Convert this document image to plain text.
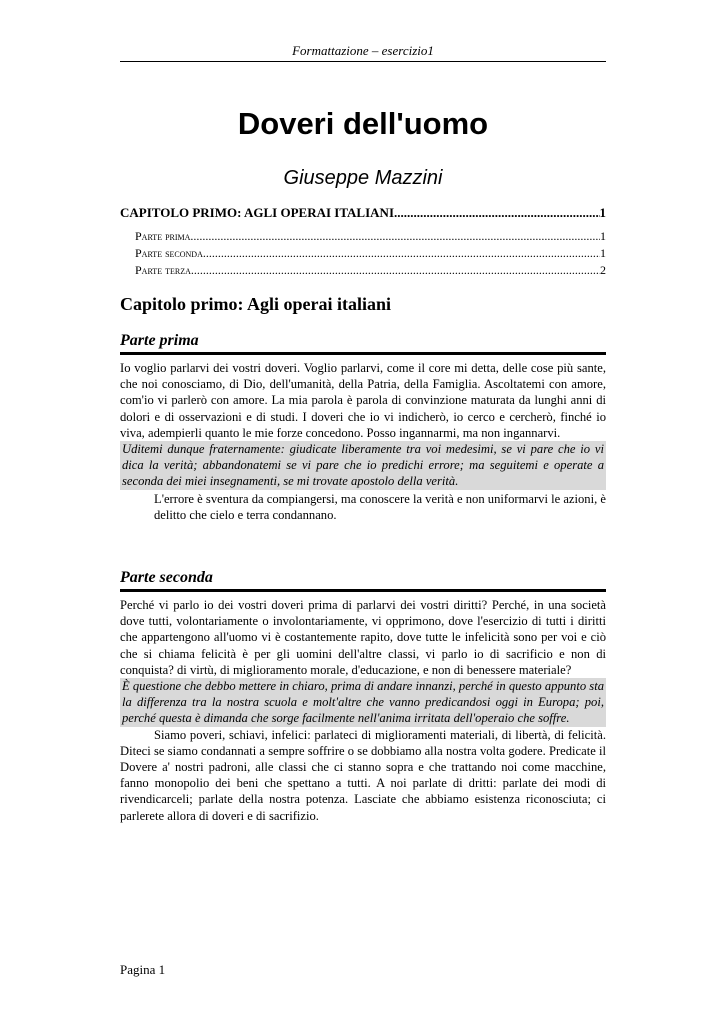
Formattazione – esercizio1
Doveri dell'uomo
Giuseppe Mazzini
CAPITOLO PRIMO: AGLI OPERAI ITALIANI .....	1
Parte prima .....	1
Parte seconda .....	1
Parte terza .....	2
Capitolo primo: Agli operai italiani
Parte prima

Io voglio parlarvi dei vostri doveri. Voglio parlarvi, come il core mi detta, delle cose più sante, che noi conosciamo, di Dio, dell'umanità, della Patria, della Famiglia. Ascoltatemi con amore, com'io vi parlerò con amore. La mia parola è parola di convinzione maturata da lunghi anni di dolori e di osservazioni e di studi. I doveri che io vi indicherò, io cerco e cercherò, finché io viva, adempierli quanto le mie forze concedono. Posso ingannarmi, ma non ingannarvi.

Uditemi dunque fraternamente: giudicate liberamente tra voi medesimi, se vi pare che io vi dica la verità; abbandonatemi se vi pare che io predichi errore; ma seguitemi e operate a seconda dei miei insegnamenti, se mi trovate apostolo della verità.

L'errore è sventura da compiangersi, ma conoscere la verità e non uniformarvi le azioni, è delitto che cielo e terra condannano.

Parte seconda

Perché vi parlo io dei vostri doveri prima di parlarvi dei vostri diritti? Perché, in una società dove tutti, volontariamente o involontariamente, vi opprimono, dove l'esercizio di tutti i diritti che appartengono all'uomo vi è costantemente rapito, dove tutte le infelicità sono per voi e ciò che si chiama felicità è per gli uomini dell'altre classi, vi parlo io di sacrificio e non di conquista? di virtù, di miglioramento morale, d'educazione, e non di benessere materiale?

È questione che debbo mettere in chiaro, prima di andare innanzi, perché in questo appunto sta la differenza tra la nostra scuola e molt'altre che vanno predicandosi oggi in Europa; poi, perché questa è dimanda che sorge facilmente nell'anima irritata dell'operaio che soffre.

Siamo poveri, schiavi, infelici: parlateci di miglioramenti materiali, di libertà, di felicità. Diteci se siamo condannati a sempre soffrire o se dobbiamo alla nostra volta godere. Predicate il Dovere a' nostri padroni, alle classi che ci stanno sopra e che trattando noi come macchine, fanno monopolio dei beni che spettano a tutti. A noi parlate di dritti: parlate dei modi di rivendicarceli; parlate della nostra potenza. Lasciate che abbiamo esistenza riconosciuta; ci parlerete allora di doveri e di sacrifizio.

Pagina 1
